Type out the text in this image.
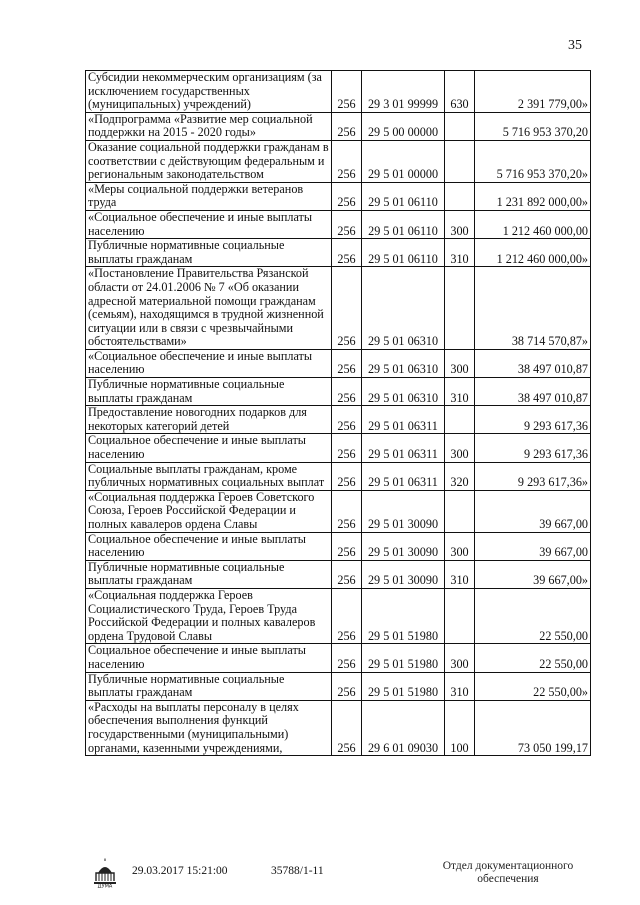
35
Субсидии некоммерческим организациям (за исключением государственных (муниципальных) учреждений)	256	29 3 01 99999	630	2 391 779,00»
«Подпрограмма «Развитие мер социальной поддержки на 2015 - 2020 годы»	256	29 5 00 00000		5 716 953 370,20
Оказание социальной поддержки гражданам в соответствии с действующим федеральным и региональным законодательством	256	29 5 01 00000		5 716 953 370,20»
«Меры социальной поддержки ветеранов труда	256	29 5 01 06110		1 231 892 000,00»
«Социальное обеспечение и иные выплаты населению	256	29 5 01 06110	300	1 212 460 000,00
Публичные нормативные социальные выплаты гражданам	256	29 5 01 06110	310	1 212 460 000,00»
«Постановление Правительства Рязанской области от 24.01.2006 № 7 «Об оказании адресной материальной помощи гражданам (семьям), находящимся в трудной жизненной ситуации или в связи с чрезвычайными обстоятельствами»	256	29 5 01 06310		38 714 570,87»
«Социальное обеспечение и иные выплаты населению	256	29 5 01 06310	300	38 497 010,87
Публичные нормативные социальные выплаты гражданам	256	29 5 01 06310	310	38 497 010,87
Предоставление новогодних подарков для некоторых категорий детей	256	29 5 01 06311		9 293 617,36
Социальное обеспечение и иные выплаты населению	256	29 5 01 06311	300	9 293 617,36
Социальные выплаты гражданам, кроме публичных нормативных социальных выплат	256	29 5 01 06311	320	9 293 617,36»
«Социальная поддержка Героев Советского Союза, Героев Российской Федерации и полных кавалеров ордена Славы	256	29 5 01 30090		39 667,00
Социальное обеспечение и иные выплаты населению	256	29 5 01 30090	300	39 667,00
Публичные нормативные социальные выплаты гражданам	256	29 5 01 30090	310	39 667,00»
«Социальная поддержка Героев Социалистического Труда, Героев Труда Российской Федерации и полных кавалеров ордена Трудовой Славы	256	29 5 01 51980		22 550,00
Социальное обеспечение и иные выплаты населению	256	29 5 01 51980	300	22 550,00
Публичные нормативные социальные выплаты гражданам	256	29 5 01 51980	310	22 550,00»
«Расходы на выплаты персоналу в целях обеспечения выполнения функций государственными (муниципальными) органами, казенными учреждениями,	256	29 6 01 09030	100	73 050 199,17
ДУМА
29.03.2017 15:21:00	35788/1-11	Отдел документационного
обеспечения
